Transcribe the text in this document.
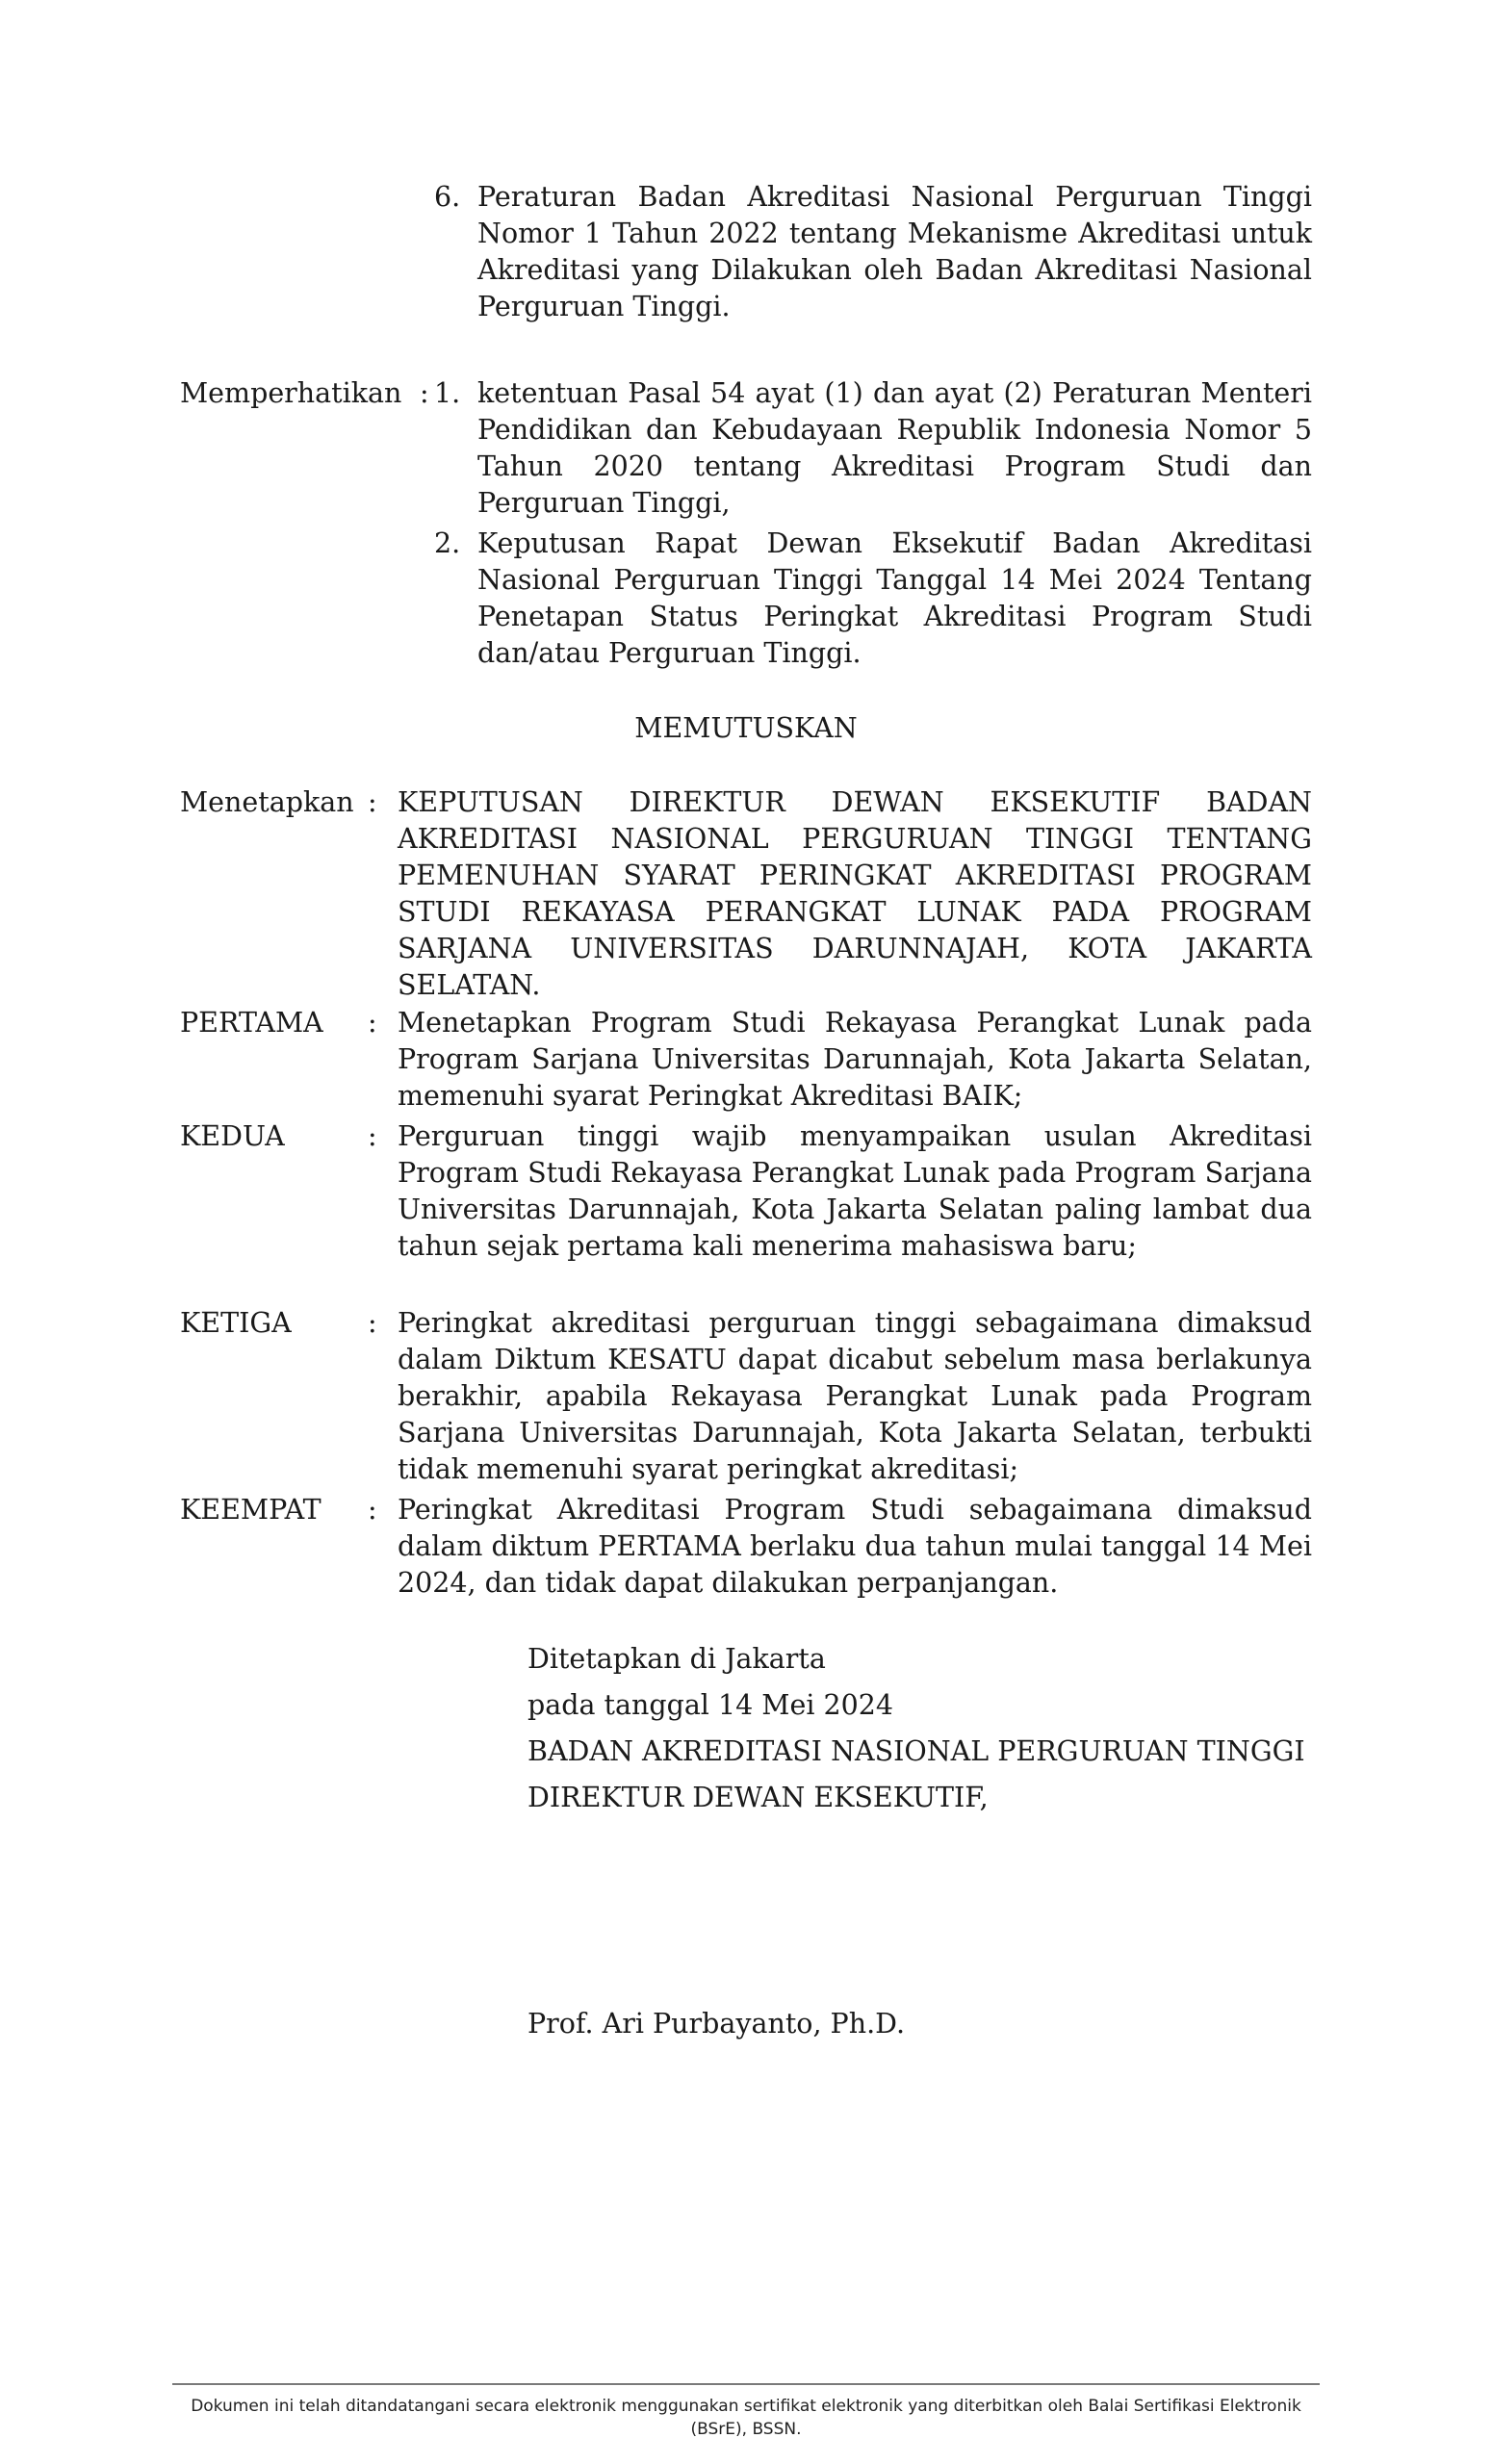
6. Peraturan Badan Akreditasi Nasional Perguruan Tinggi Nomor 1 Tahun 2022 tentang Mekanisme Akreditasi untuk Akreditasi yang Dilakukan oleh Badan Akreditasi Nasional Perguruan Tinggi.
Memperhatikan : 1. ketentuan Pasal 54 ayat (1) dan ayat (2) Peraturan Menteri Pendidikan dan Kebudayaan Republik Indonesia Nomor 5 Tahun 2020 tentang Akreditasi Program Studi dan Perguruan Tinggi,
2. Keputusan Rapat Dewan Eksekutif Badan Akreditasi Nasional Perguruan Tinggi Tanggal 14 Mei 2024 Tentang Penetapan Status Peringkat Akreditasi Program Studi dan/atau Perguruan Tinggi.
MEMUTUSKAN
Menetapkan : KEPUTUSAN DIREKTUR DEWAN EKSEKUTIF BADAN AKREDITASI NASIONAL PERGURUAN TINGGI TENTANG PEMENUHAN SYARAT PERINGKAT AKREDITASI PROGRAM STUDI REKAYASA PERANGKAT LUNAK PADA PROGRAM SARJANA UNIVERSITAS DARUNNAJAH, KOTA JAKARTA SELATAN.
PERTAMA : Menetapkan Program Studi Rekayasa Perangkat Lunak pada Program Sarjana Universitas Darunnajah, Kota Jakarta Selatan, memenuhi syarat Peringkat Akreditasi BAIK;
KEDUA	: Perguruan tinggi wajib menyampaikan usulan Akreditasi Program Studi Rekayasa Perangkat Lunak pada Program Sarjana Universitas Darunnajah, Kota Jakarta Selatan paling lambat dua tahun sejak pertama kali menerima mahasiswa baru;
KETIGA	: Peringkat akreditasi perguruan tinggi sebagaimana dimaksud dalam Diktum KESATU dapat dicabut sebelum masa berlakunya berakhir, apabila Rekayasa Perangkat Lunak pada Program Sarjana Universitas Darunnajah, Kota Jakarta Selatan, terbukti tidak memenuhi syarat peringkat akreditasi;
KEEMPAT : Peringkat Akreditasi Program Studi sebagaimana dimaksud dalam diktum PERTAMA berlaku dua tahun mulai tanggal 14 Mei 2024, dan tidak dapat dilakukan perpanjangan.
Ditetapkan di Jakarta
pada tanggal 14 Mei 2024
BADAN AKREDITASI NASIONAL PERGURUAN TINGGI
DIREKTUR DEWAN EKSEKUTIF,
Prof. Ari Purbayanto, Ph.D.
Dokumen ini telah ditandatangani secara elektronik menggunakan sertifikat elektronik yang diterbitkan oleh Balai Sertifikasi Elektronik (BSrE), BSSN.
